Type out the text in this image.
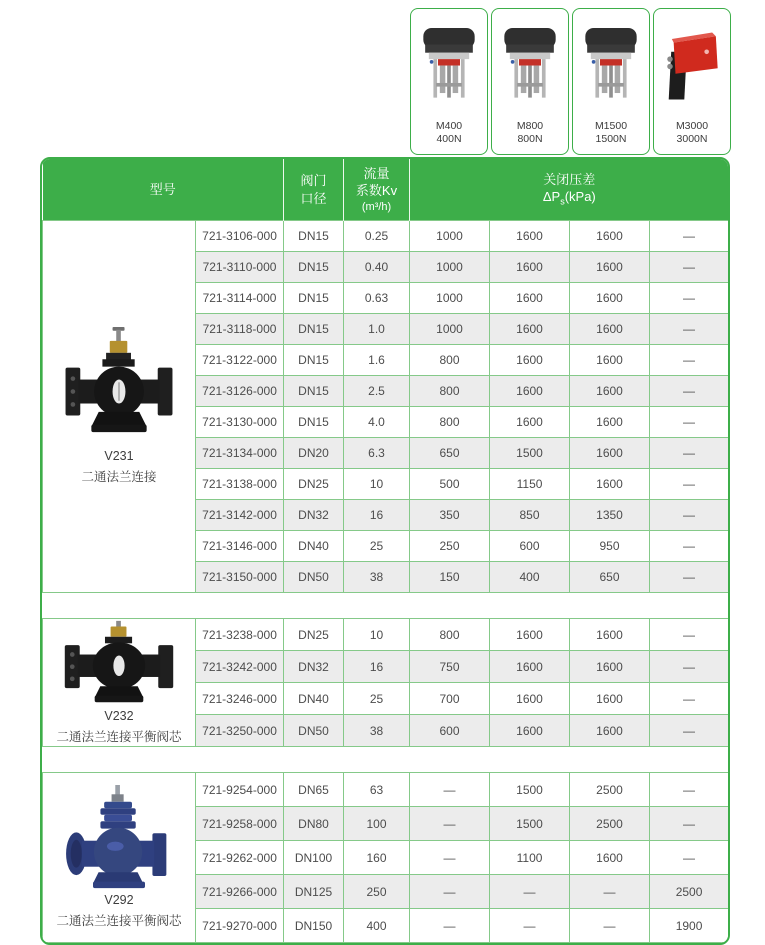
M400
400N
M800
800N
M1500
1500N
M3000
3000N
型号	
阀门
口径

流量
系数Kv
(m³/h)

关闭压差
$\Delta P_s(kPa)$

V231
二通法兰连接	721-3106-000	DN15	0.25	1000	1600	1600	—
	721-3110-000	DN15	0.40	1000	1600	1600	—
	721-3114-000	DN15	0.63	1000	1600	1600	—
	721-3118-000	DN15	1.0	1000	1600	1600	—
	721-3122-000	DN15	1.6	800	1600	1600	—
	721-3126-000	DN15	2.5	800	1600	1600	—
	721-3130-000	DN15	4.0	800	1600	1600	—
	721-3134-000	DN20	6.3	650	1500	1600	—
	721-3138-000	DN25	10	500	1150	1600	—
	721-3142-000	DN32	16	350	850	1350	—
	721-3146-000	DN40	25	250	600	950	—
	721-3150-000	DN50	38	150	400	650	—

V232
二通法兰连接平衡阀芯	721-3238-000	DN25	10	800	1600	1600	—
	721-3242-000	DN32	16	750	1600	1600	—
	721-3246-000	DN40	25	700	1600	1600	—
	721-3250-000	DN50	38	600	1600	1600	—

V292
二通法兰连接平衡阀芯	721-9254-000	DN65	63	—	1500	2500	—
	721-9258-000	DN80	100	—	1500	2500	—
	721-9262-000	DN100	160	—	1100	1600	—
	721-9266-000	DN125	250	—	—	—	2500
	721-9270-000	DN150	400	—	—	—	1900
